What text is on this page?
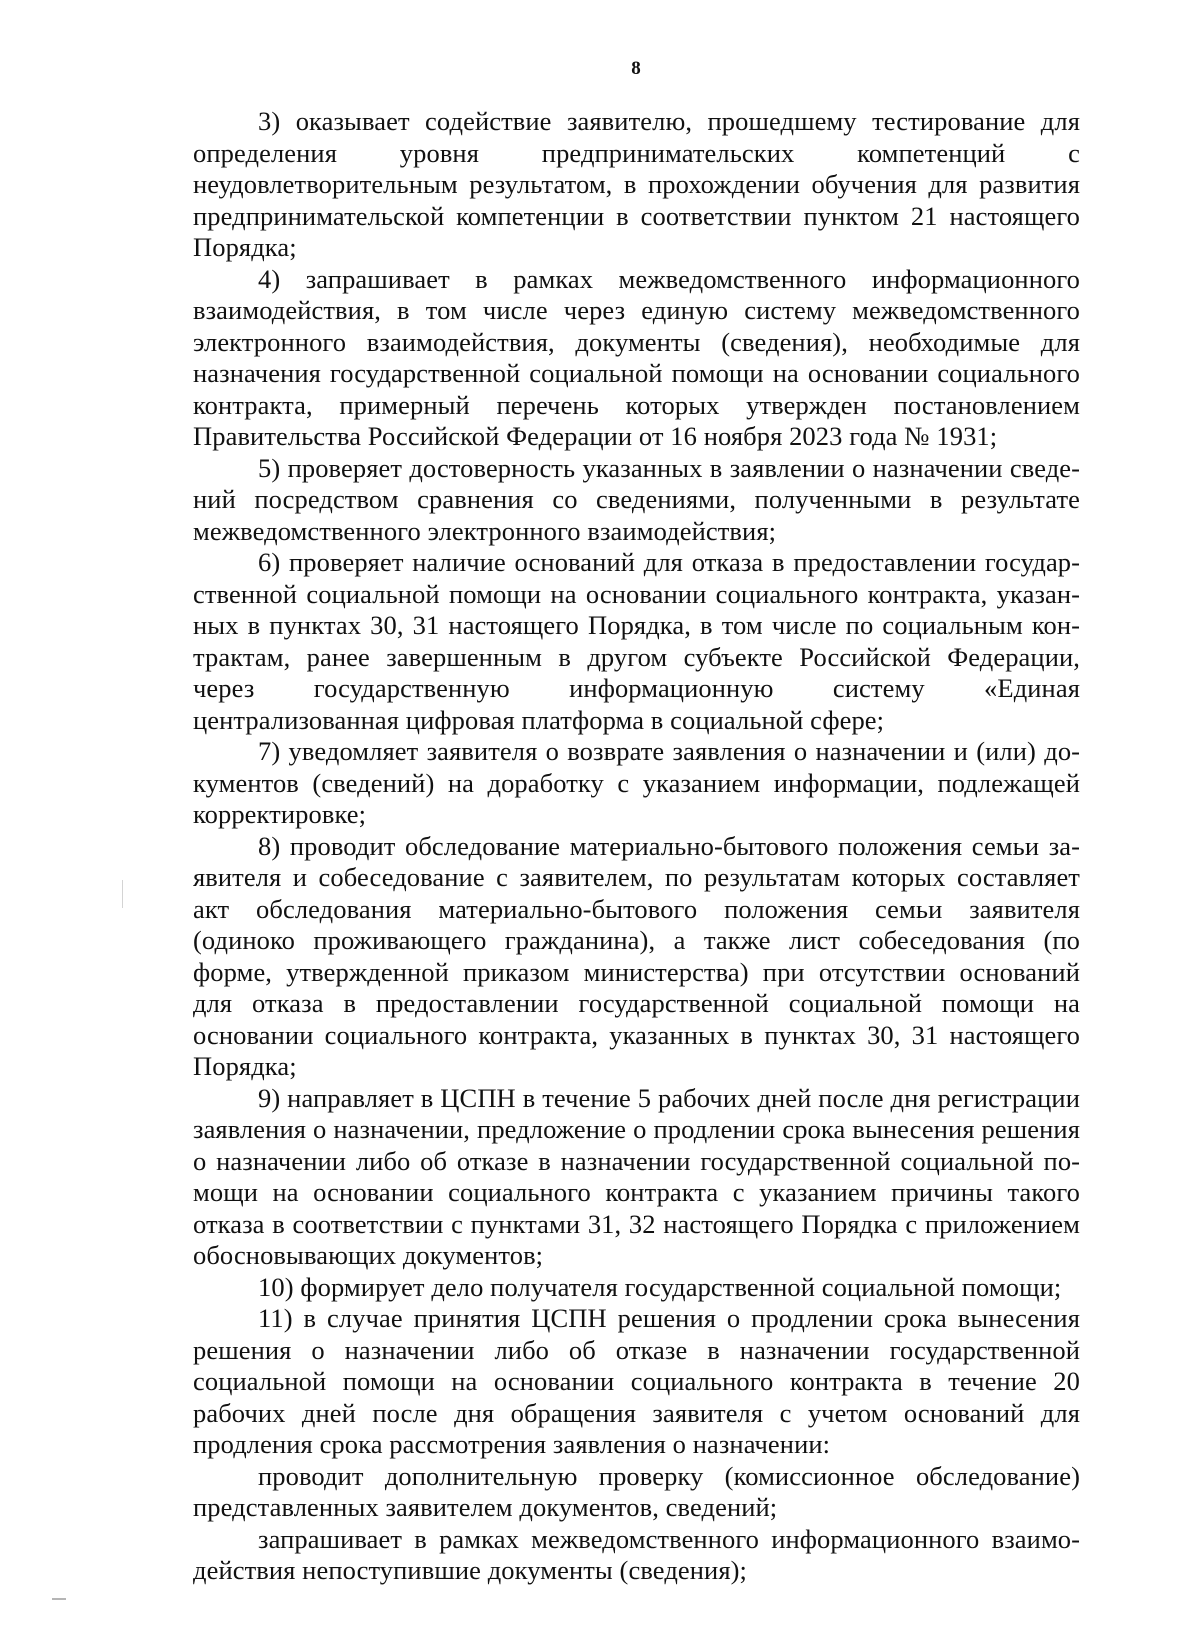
8

3) оказывает содействие заявителю, прошедшему тестирование для определения уровня предпринимательских компетенций с неудовлетворительным результатом, в прохождении обучения для развития предпринимательской компетенции в соответствии пунктом 21 настоящего Порядка;

4) запрашивает в рамках межведомственного информационного взаимодействия, в том числе через единую систему межведомственного электронного взаимодействия, документы (сведения), необходимые для назначения государственной социальной помощи на основании социального контракта, примерный перечень которых утвержден постановлением Правительства Российской Федерации от 16 ноября 2023 года № 1931;

5) проверяет достоверность указанных в заявлении о назначении сведений посредством сравнения со сведениями, полученными в результате межведомственного электронного взаимодействия;

6) проверяет наличие оснований для отказа в предоставлении государственной социальной помощи на основании социального контракта, указанных в пунктах 30, 31 настоящего Порядка, в том числе по социальным контрактам, ранее завершенным в другом субъекте Российской Федерации, через государственную информационную систему «Единая централизованная цифровая платформа в социальной сфере;

7) уведомляет заявителя о возврате заявления о назначении и (или) документов (сведений) на доработку с указанием информации, подлежащей корректировке;

8) проводит обследование материально-бытового положения семьи заявителя и собеседование с заявителем, по результатам которых составляет акт обследования материально-бытового положения семьи заявителя (одиноко проживающего гражданина), а также лист собеседования (по форме, утвержденной приказом министерства) при отсутствии оснований для отказа в предоставлении государственной социальной помощи на основании социального контракта, указанных в пунктах 30, 31 настоящего Порядка;

9) направляет в ЦСПН в течение 5 рабочих дней после дня регистрации заявления о назначении, предложение о продлении срока вынесения решения о назначении либо об отказе в назначении государственной социальной помощи на основании социального контракта с указанием причины такого отказа в соответствии с пунктами 31, 32 настоящего Порядка с приложением обосновывающих документов;

10) формирует дело получателя государственной социальной помощи;

11) в случае принятия ЦСПН решения о продлении срока вынесения решения о назначении либо об отказе в назначении государственной социальной помощи на основании социального контракта в течение 20 рабочих дней после дня обращения заявителя с учетом оснований для продления срока рассмотрения заявления о назначении:

проводит дополнительную проверку (комиссионное обследование) представленных заявителем документов, сведений;

запрашивает в рамках межведомственного информационного взаимодействия непоступившие документы (сведения);
